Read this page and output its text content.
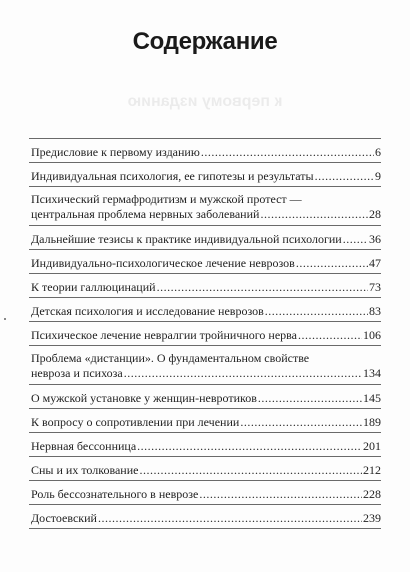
к первому изданию
Содержание
Предисловие к первому изданию .....	6
Индивидуальная психология, ее гипотезы и результаты .....	9
Психический гермафродитизм и мужской протест —
центральная проблема нервных заболеваний .....	28
Дальнейшие тезисы к практике индивидуальной психологии ..... 36
Индивидуально-психологическое лечение неврозов .....	47
К теории галлюцинаций .....	73
Детская психология и исследование неврозов .....	83
Психическое лечение невралгии тройничного нерва .....	106
Проблема «дистанции». О фундаментальном свойстве
невроза и психоза .....	134
О мужской установке у женщин-невротиков .....	145
К вопросу о сопротивлении при лечении .....	189
Нервная бессонница .....	201
Сны и их толкование .....	212
Роль бессознательного в неврозе .....	228
Достоевский .....	239
